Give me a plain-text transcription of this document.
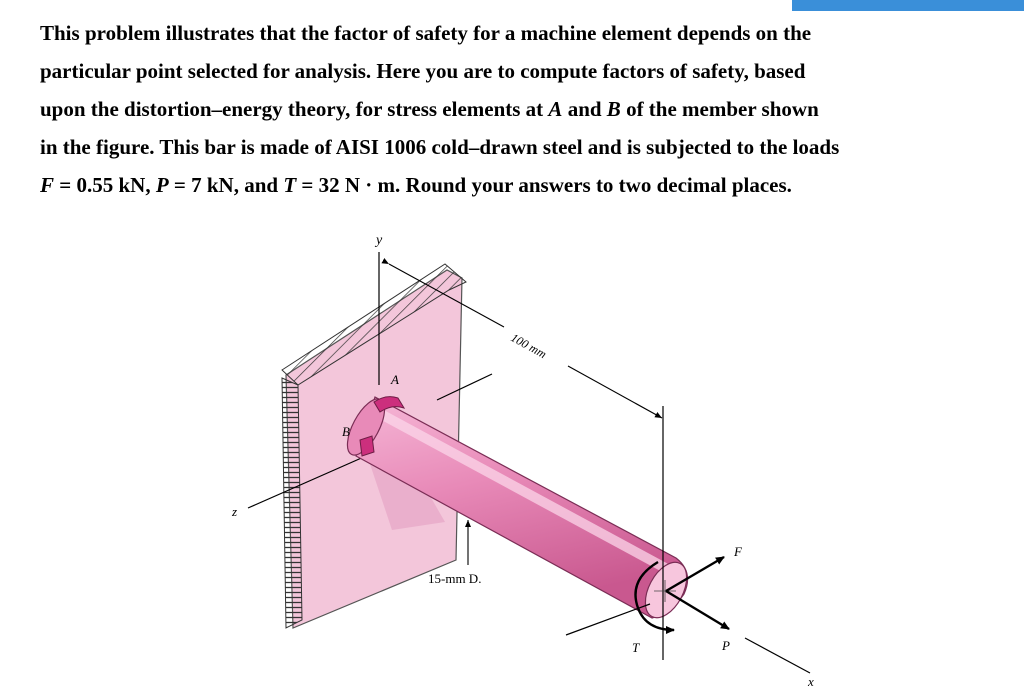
This problem illustrates that the factor of safety for a machine element depends on the
particular point selected for analysis. Here you are to compute factors of safety, based
upon the distortion–energy theory, for stress elements at A and B of the member shown
in the figure. This bar is made of AISI 1006 cold–drawn steel and is subjected to the loads
F = 0.55 kN, P = 7 kN, and T = 32 N · m. Round your answers to two decimal places.
y
z
A
B
100 mm
15-mm D.
F
P
x
T
